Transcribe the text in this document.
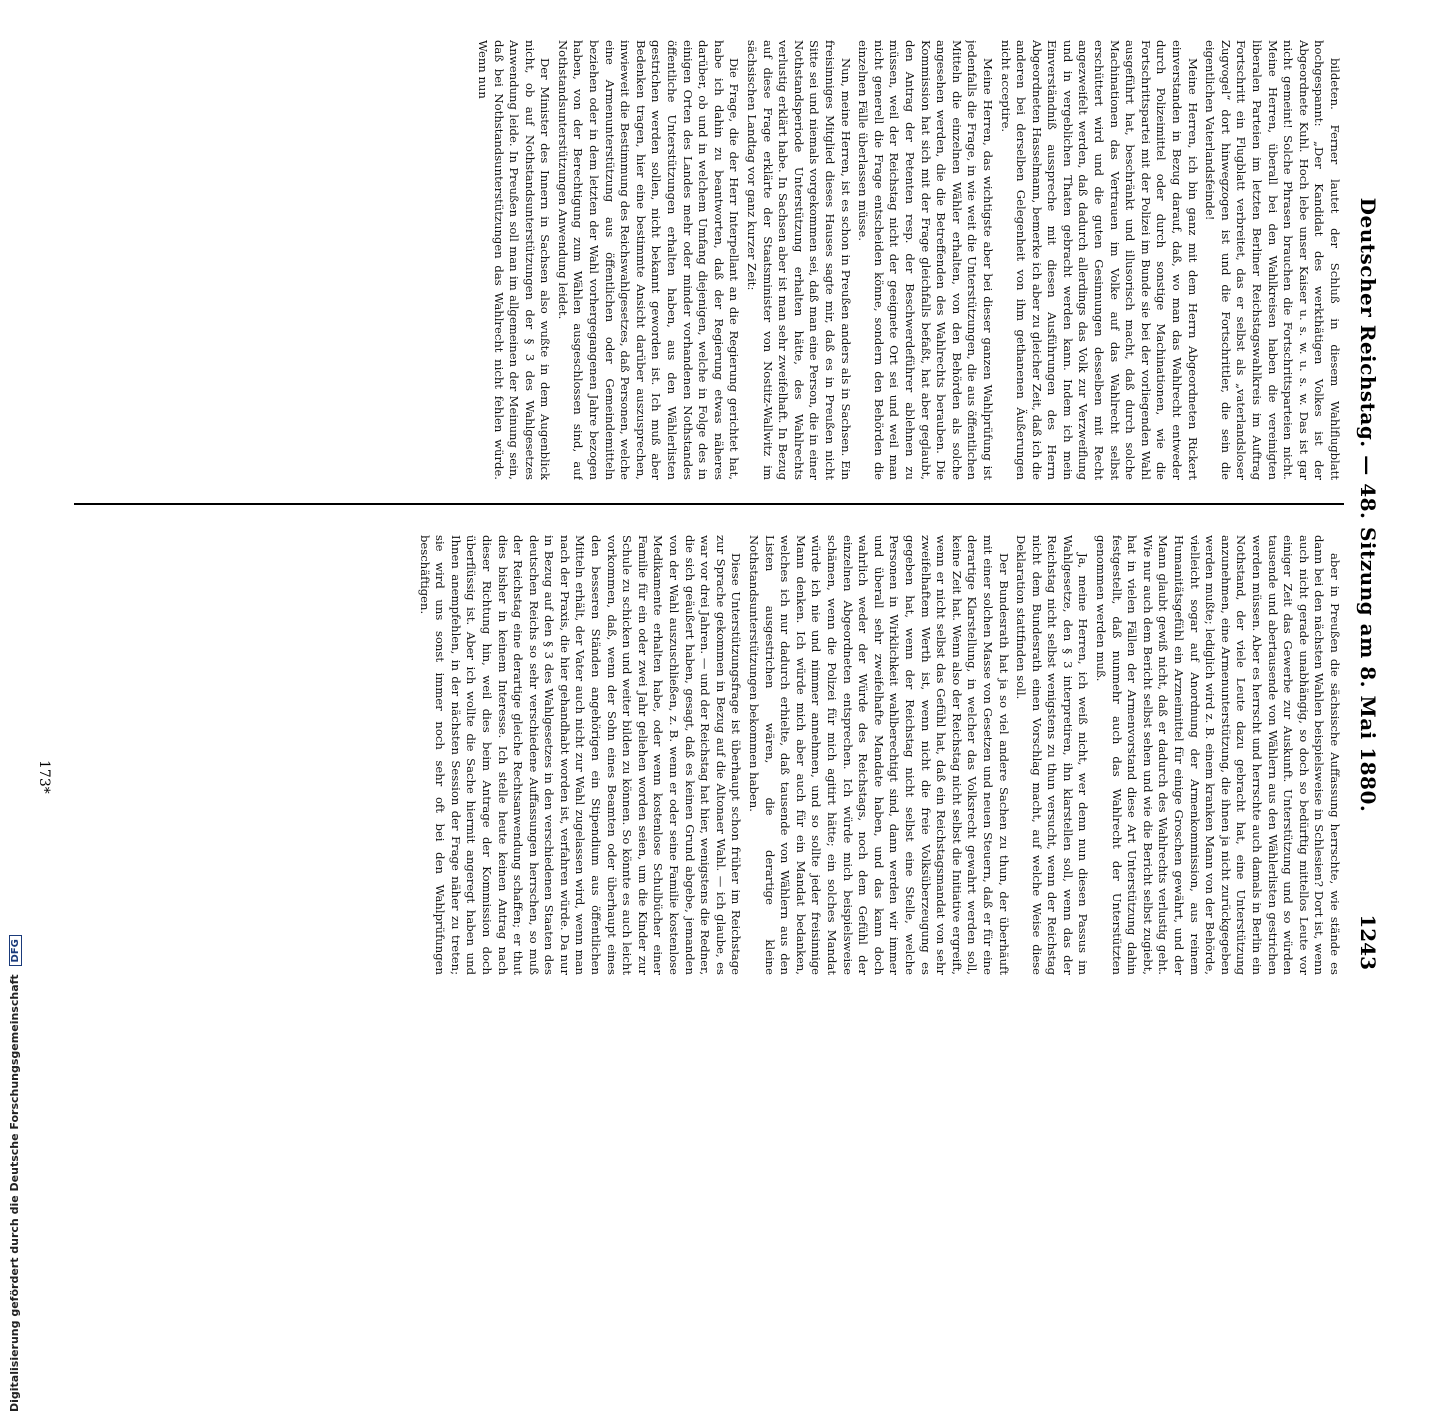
Deutscher Reichstag. — 48. Sitzung am 8. Mai 1880.
1243

bildeten. Ferner lautet der Schluß in diesem Wahlflugblatt hochgespannt: „Der Kandidat des werkthätigen Volkes ist der Abgeordnete Kuhl. Hoch lebe unser Kaiser u. s. w. u. s. w. Das ist gar nicht gemeint! Solche Phrasen brauchen die Fortschrittsparteien nicht. Meine Herren, überall bei den Wahlkreisen haben die vereinigten liberalen Parteien im letzten Berliner Reichstagswahlkreis im Auftrag Fortschritt ein Flugblatt verbreitet, das er selbst als „vaterlandsloser Zugvogel“ dort hinwegzogen ist und die Fortschrittler, die sein die eigentlichen Vaterlandsfeinde!

Meine Herren, ich bin ganz mit dem Herrn Abgeordneten Rickert einverstanden in Bezug darauf, daß, wo man das Wahlrecht entweder durch Polizeimittel oder durch sonstige Machinationen, wie die Fortschrittspartei mit der Polizei im Bunde sie bei der vorliegenden Wahl ausgeführt hat, beschränkt und illusorisch macht, daß durch solche Machinationen das Vertrauen im Volke auf das Wahlrecht selbst erschüttert wird und die guten Gesinnungen desselben mit Recht angezweifelt werden, daß dadurch allerdings das Volk zur Verzweiflung und in vergeblichen Thaten gebracht werden kann. Indem ich mein Einverständniß ausspreche mit diesen Ausführungen des Herrn Abgeordneten Hasselmann, bemerke ich aber zu gleicher Zeit, daß ich die anderen bei derselben Gelegenheit von ihm gethanenen Äußerungen nicht acceptire.

Meine Herren, das wichtigste aber bei dieser ganzen Wahlprüfung ist jedenfalls die Frage, in wie weit die Unterstützungen, die aus öffentlichen Mitteln die einzelnen Wähler erhalten, von den Behörden als solche angesehen werden, die die Betreffenden des Wahlrechts berauben. Die Kommission hat sich mit der Frage gleichfalls befaßt, hat aber geglaubt, den Antrag der Petenten resp. der Beschwerdeführer ablehnen zu müssen, weil der Reichstag nicht der geeignete Ort sei und weil man nicht generell die Frage entscheiden könne, sondern den Behörden die einzelnen Fälle überlassen müsse.

Nun, meine Herren, ist es schon in Preußen anders als in Sachsen. Ein freisinniges Mitglied dieses Hauses sagte mir, daß es in Preußen nicht Sitte sei und niemals vorgekommen sei, daß man eine Person, die in einer Nothstandsperiode Unterstützung erhalten hätte, des Wahlrechts verlustig erklärt habe. In Sachsen aber ist man sehr zweifelhaft. In Bezug auf diese Frage erklärte der Staatsminister von Nostitz-Wallwitz im sächsischen Landtag vor ganz kurzer Zeit:

Die Frage, die der Herr Interpellant an die Regierung gerichtet hat, habe ich dahin zu beantworten, daß der Regierung etwas näheres darüber, ob und in welchem Umfang diejenigen, welche in Folge des in einigen Orten des Landes mehr oder minder vorhandenen Nothstandes öffentliche Unterstützungen erhalten haben, aus den Wählerlisten gestrichen werden sollen, nicht bekannt geworden ist. Ich muß aber Bedenken tragen, hier eine bestimmte Ansicht darüber auszusprechen, inwieweit die Bestimmung des Reichswahlgesetzes, daß Personen, welche eine Armenunterstützung aus öffentlichen oder Gemeindemitteln beziehen oder in dem letzten der Wahl vorhergegangenen Jahre bezogen haben, von der Berechtigung zum Wählen ausgeschlossen sind, auf Nothstandsunterstützungen Anwendung leidet.

Der Minister des Innern in Sachsen also wußte in dem Augenblick nicht, ob auf Nothstandsunterstützungen der § 3 des Wahlgesetzes Anwendung leide. In Preußen soll man im allgemeinen der Meinung sein, daß bei Nothstandsunterstützungen das Wahlrecht nicht fehlen würde. Wenn nun

aber in Preußen die sächsische Auffassung herrschte, wie stände es dann bei den nächsten Wahlen beispielsweise in Schlesien? Dort ist, wenn auch nicht gerade unabhängig, so doch so bedürftig mittellos Leute vor einiger Zeit das Gewerbe zur Auskunft. Unterstützung und so würden tausende und abertausende von Wählern aus den Wählerlisten gestrichen werden müssen. Aber es herrscht und herrschte auch damals in Berlin ein Nothstand, der viele Leute dazu gebracht hat, eine Unterstützung anzunehmen, eine Armenunterstützung, die ihnen ja nicht zurückgegeben werden mußte; lediglich wird z. B. einem kranken Mann von der Behörde, vielleicht sogar auf Anordnung der Armenkommission, aus reinem Humanitätsgefühl ein Arzneimittel für einige Groschen gewährt, und der Mann glaubt gewiß nicht, daß er dadurch des Wahlrechts verlustig geht. Wie nur auch dem Bericht selbst sehen und wie die Bericht selbst zugiebt, hat in vielen Fällen der Armenvorstand diese Art Unterstützung dahin festgestellt, daß nunmehr auch das Wahlrecht der Unterstützten genommen werden muß.

Ja, meine Herren, ich weiß nicht, wer denn nun diesen Passus im Wahlgesetze, den § 3 interpretiren, ihn klarstellen soll, wenn das der Reichstag nicht selbst wenigstens zu thun versucht, wenn der Reichstag nicht dem Bundesrath einen Vorschlag macht, auf welche Weise diese Deklaration stattfinden soll.

Der Bundesrath hat ja so viel andere Sachen zu thun, der überhäuft mit einer solchen Masse von Gesetzen und neuen Steuern, daß er für eine derartige Klarstellung, in welcher das Volksrecht gewahrt werden soll, keine Zeit hat. Wenn also der Reichstag nicht selbst die Initiative ergreift, wenn er nicht selbst das Gefühl hat, daß ein Reichstagsmandat von sehr zweifelhaftem Werth ist, wenn nicht die freie Volksüberzeugung es gegeben hat, wenn der Reichstag nicht selbst eine Stelle, welche Personen in Wirklichkeit wahlberechtigt sind, dann werden wir immer und überall sehr zweifelhafte Mandate haben, und das kann doch wahrlich weder der Würde des Reichstags, noch dem Gefühl der einzelnen Abgeordneten entsprechen. Ich würde mich beispielsweise schämen, wenn die Polizei für mich agitirt hätte; ein solches Mandat würde ich nie und nimmer annehmen, und so sollte jeder freisinnige Mann denken. Ich würde mich aber auch für ein Mandat bedanken, welches ich nur dadurch erhielte, daß tausende von Wählern aus den Listen ausgestrichen wären, die derartige kleine Nothstandsunterstützungen bekommen haben.

Diese Unterstützungsfrage ist überhaupt schon früher im Reichstage zur Sprache gekommen in Bezug auf die Altonaer Wahl. — ich glaube, es war vor drei Jahren. — und der Reichstag hat hier, wenigstens die Redner, die sich geäußert haben, gesagt, daß es keinen Grund abgebe, jemanden von der Wahl auszuschließen, z. B. wenn er oder seine Familie kostenlose Medikamente erhalten habe, oder wenn kostenlose Schulbücher einer Familie für ein oder zwei Jahr geliehen worden seien, um die Kinder zur Schule zu schicken und weiter bilden zu können. So könnte es auch leicht vorkommen, daß, wenn der Sohn eines Beamten oder überhaupt eines den besseren Ständen angehörigen ein Stipendium aus öffentlichen Mitteln erhält, der Vater auch nicht zur Wahl zugelassen wird, wenn man nach der Praxis, die hier gehandhabt worden ist, verfahren würde. Da nur in Bezug auf den § 3 des Wahlgesetzes in den verschiedenen Staaten des deutschen Reichs so sehr verschiedene Auffassungen herrschen, so muß der Reichstag eine derartige gleiche Rechtsanwendung schaffen; er thut dies bisher in keinem Interesse. Ich stelle heute keinen Antrag nach dieser Richtung hin, weil dies beim Antrage der Kommission doch überflüssig ist. Aber ich wollte die Sache hiermit angeregt haben und Ihnen anempfehlen, in der nächsten Session der Frage näher zu treten; sie wird uns sonst immer noch sehr oft bei den Wahlprüfungen beschäftigen.

173*
Digitalisierung gefördert durch die Deutsche Forschungsgemeinschaft DFG
